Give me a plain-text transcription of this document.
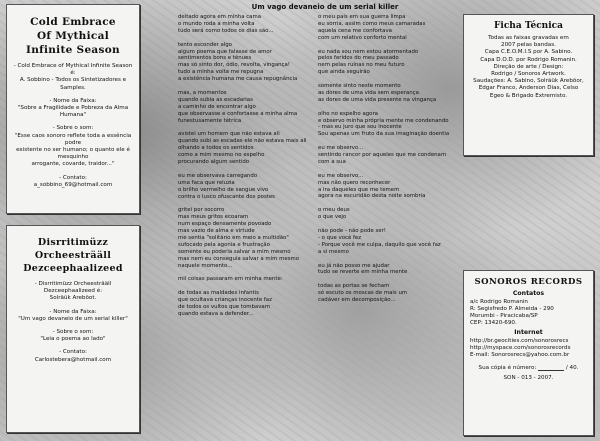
Cold Embrace
Of Mythical
Infinite Season
- Cold Embrace of Mythical Infinite Season é:
A. Sobbino - Todos os Sintetizadores e Samples.
- Nome da Faixa:
"Sobre a Fragilidade e Pobreza da Alma Humana"
- Sobre o som:
"Esse caos sonoro reflete toda a essência podre
existente no ser humano; o quanto ele é mesquinho
arrogante, covarde, traidor..."
- Contato:
a_sobbino_69@hotmail.com
Disrritimüzz
Orcheesträäll
Dezceephaalizeed
- Disrritimüzz Orcheesträäll Dezceephaalizeed é:
Solräük Arebõot.
- Nome da Faixa:
"Um vago devaneio de um serial killer"
- Sobre o som:
"Leia o poema ao lado"
- Contato:
Carlostebera@hotmail.com
Um vago devaneio de um serial killer
deitado agora em minha cama
o mundo roda a minha volta
tudo será como todos os dias são...
tento esconder algo
algum poema que falasse de amor
sentimentos bons e tênues
mas só sinto dor, ódio, revolta, vingança!
tudo a minha volta me repugna
a existência humana me causa repugnância
mas, a momentos
quando subia as escadarias
a caminho de encontrar algo
que observasse e confortasse a minha alma
funestusamente tétrica
avistei um homem que não estava ali
quando subi as escadas ele não estava mais ali
olhando a todos os sentidos
como a mim mesmo no espelho
procurando algum sentido
eu me observava carregando
uma faca que reluzia
o brilho vermelho de sangue vivo
contra o lusco ofuscante dos postes
gritei por socorro
mas meus gritos ecoaram
num espaço densamente povoado
mas vazio de alma e virtude
me sentia "solitário em meio a multidão"
sufocado pela agonia e frustração
somente eu poderia salvar a mim mesmo
mas nem eu conseguia salvar a mim mesmo
naquele momento...
mil coisas passaram em minha mente:
de todas as maldades infantis
que ocultava crianças inocente faz
de todos os vultos que tombavam
quando estava a defender...
o meu pais em sua guerra limpa
eu sorria, assim como meus camaradas
aquela cena me confortava
com um relativo conforto mental
eu nada sou nem estou atormentado
pelos feridos do meu passado
nem pelas ruínas no meu futuro
que ainda seguirão
somente sinto neste momento
as dores de uma vida sem esperança
as dores de uma vida presente na vingança
olho no espelho agora
e observo minha própria mente me condenando
- mas eu juro que sou inocente
Sou apenas um fruto da sua imaginação doentia
eu me observo...
sentindo rancor por aqueles que me condenam
com a sua
eu me observo...
mas não quero reconhecer
a ira daqueles que me temem
agora na escuridão desta noite sombria
o meu deus
o que vejo
não pode - não pode ser!
- o que você fez
- Porque você me culpa, daquilo que você faz
a si mesmo
eu já não posso me ajudar
tudo se reverte em minha mente
todas as portas se fecham
só escuto os moscas de mais um
cadáver em decomposição...
Ficha Técnica
Todas as faixas gravadas em
2007 pelas bandas.
Capa C.E.O.M.I.S por A. Sabino.
Capa D.O.D. por Rodrigo Romanin.
Direção de arte / Design:
Rodrigo / Sonoros Artwork.
Saudações: A. Sabino, Solräük Arebõor,
Edgar Franco, Anderson Dias, Celso
Egeo & Brigado Extremisto.
SONOROS RECORDS
Contatos
a/c Rodrigo Romanin
R: Segisfredo P. Almeida - 290
Morumbi - Piracicaba/SP
CEP: 13420-690.
Internet
http://br.geocities.com/sonorosrecs
http://myspace.com/sonorosrecords
E-mail: Sonorosrecs@yahoo.com.br
Sua cópia é número:	/ 40.
SON - 013 - 2007.
